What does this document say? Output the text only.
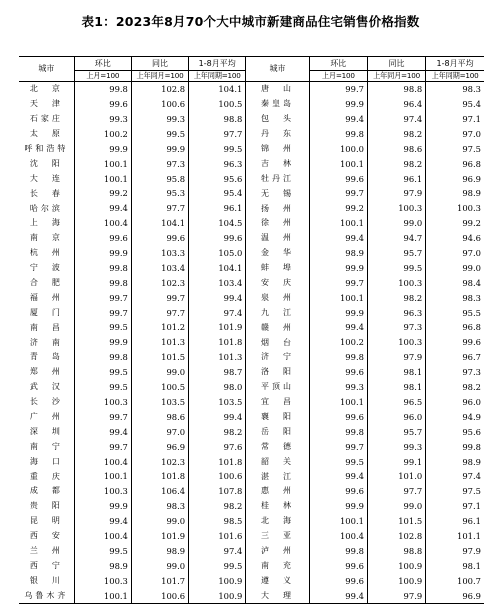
表1：2023年8月70个大中城市新建商品住宅销售价格指数
城市	环比	同比	1-8月平均	城市	环比	同比	1-8月平均
	上月=100	上年同月=100	上年同期=100		上月=100	上年同月=100	上年同期=100
北　京	99.8	102.8	104.1	唐　山	99.7	98.8	98.3
天　津	99.6	100.6	100.5	秦皇岛	99.9	96.4	95.4
石家庄	99.3	99.3	98.8	包　头	99.4	97.4	97.1
太　原	100.2	99.5	97.7	丹　东	99.8	98.2	97.0
呼和浩特	99.9	99.9	99.5	锦　州	100.0	98.6	97.5
沈　阳	100.1	97.3	96.3	吉　林	100.1	98.2	96.8
大　连	100.1	95.8	95.6	牡丹江	99.6	96.1	96.9
长　春	99.2	95.3	95.4	无　锡	99.7	97.9	98.9
哈尔滨	99.4	97.7	96.1	扬　州	99.2	100.3	100.3
上　海	100.4	104.1	104.5	徐　州	100.1	99.0	99.2
南　京	99.6	99.6	99.6	温　州	99.4	94.7	94.6
杭　州	99.9	103.3	105.0	金　华	98.9	95.7	97.0
宁　波	99.8	103.4	104.1	蚌　埠	99.9	99.5	99.0
合　肥	99.8	102.3	103.4	安　庆	99.7	100.3	98.4
福　州	99.7	99.7	99.4	泉　州	100.1	98.2	98.3
厦　门	99.7	97.7	97.4	九　江	99.9	96.3	95.5
南　昌	99.5	101.2	101.9	赣　州	99.4	97.3	96.8
济　南	99.9	101.3	101.8	烟　台	100.2	100.3	99.6
青　岛	99.8	101.5	101.3	济　宁	99.8	97.9	96.7
郑　州	99.5	99.0	98.7	洛　阳	99.6	98.1	97.3
武　汉	99.5	100.5	98.0	平顶山	99.3	98.1	98.2
长　沙	100.3	103.5	103.5	宜　昌	100.1	96.5	96.0
广　州	99.7	98.6	99.4	襄　阳	99.6	96.0	94.9
深　圳	99.4	97.0	98.2	岳　阳	99.8	95.7	95.6
南　宁	99.7	96.9	97.6	常　德	99.7	99.3	99.8
海　口	100.4	102.3	101.8	韶　关	99.5	99.1	98.9
重　庆	100.1	101.8	100.6	湛　江	99.4	101.0	97.4
成　都	100.3	106.4	107.8	惠　州	99.6	97.7	97.5
贵　阳	99.9	98.3	98.2	桂　林	99.9	99.0	97.1
昆　明	99.4	99.0	98.5	北　海	100.1	101.5	96.1
西　安	100.4	101.9	101.6	三　亚	100.4	102.8	101.1
兰　州	99.5	98.9	97.4	泸　州	99.8	98.8	97.9
西　宁	98.9	99.0	99.5	南　充	99.6	100.9	98.1
银　川	100.3	101.7	100.9	遵　义	99.6	100.9	100.7
乌鲁木齐	100.1	100.6	100.9	大　理	99.4	97.9	96.9
